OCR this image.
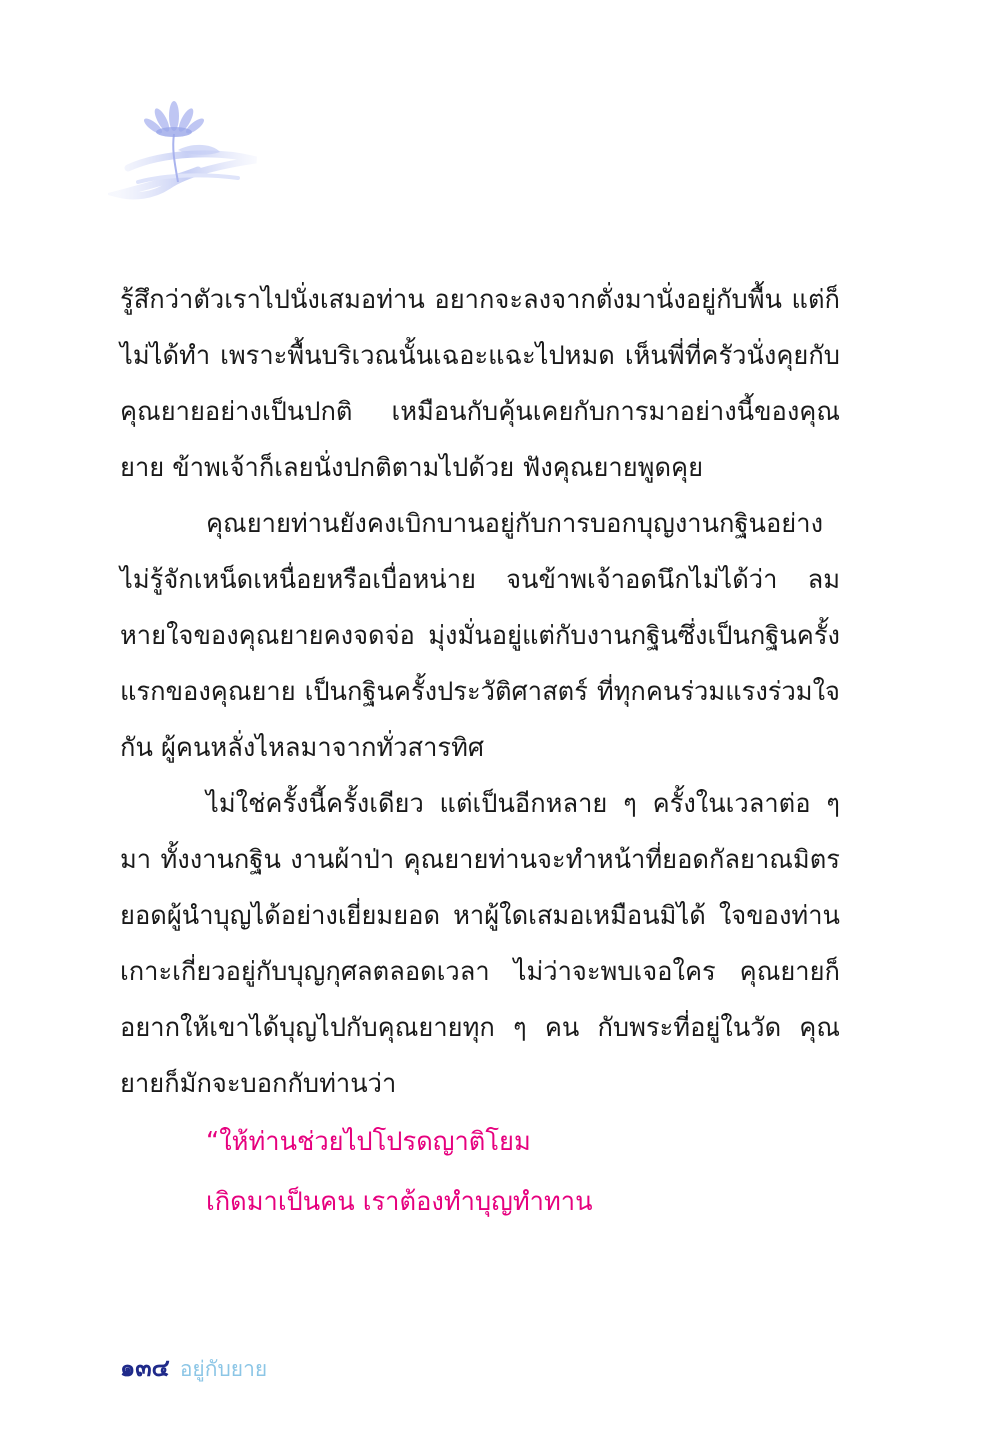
รู้สึกว่าตัวเราไปนั่งเสมอท่าน อยากจะลงจากตั่งมานั่งอยู่กับพื้น แต่ก็ไม่ได้ทำ เพราะพื้นบริเวณนั้นเฉอะแฉะไปหมด เห็นพี่ที่ครัวนั่งคุยกับคุณยายอย่างเป็นปกติ เหมือนกับคุ้นเคยกับการมาอย่างนี้ของคุณยาย ข้าพเจ้าก็เลยนั่งปกติตามไปด้วย ฟังคุณยายพูดคุย

คุณยายท่านยังคงเบิกบานอยู่กับการบอกบุญงานกฐินอย่างไม่รู้จักเหน็ดเหนื่อยหรือเบื่อหน่าย จนข้าพเจ้าอดนึกไม่ได้ว่า ลมหายใจของคุณยายคงจดจ่อ มุ่งมั่นอยู่แต่กับงานกฐินซึ่งเป็นกฐินครั้งแรกของคุณยาย เป็นกฐินครั้งประวัติศาสตร์ ที่ทุกคนร่วมแรงร่วมใจกัน ผู้คนหลั่งไหลมาจากทั่วสารทิศ

ไม่ใช่ครั้งนี้ครั้งเดียว แต่เป็นอีกหลาย ๆ ครั้งในเวลาต่อ ๆ มา ทั้งงานกฐิน งานผ้าป่า คุณยายท่านจะทำหน้าที่ยอดกัลยาณมิตร ยอดผู้นำบุญได้อย่างเยี่ยมยอด หาผู้ใดเสมอเหมือนมิได้ ใจของท่านเกาะเกี่ยวอยู่กับบุญกุศลตลอดเวลา ไม่ว่าจะพบเจอใคร คุณยายก็อยากให้เขาได้บุญไปกับคุณยายทุก ๆ คน กับพระที่อยู่ในวัด คุณยายก็มักจะบอกกับท่านว่า

“ให้ท่านช่วยไปโปรดญาติโยม

เกิดมาเป็นคน เราต้องทำบุญทำทาน

๑๓๔ อยู่กับยาย
